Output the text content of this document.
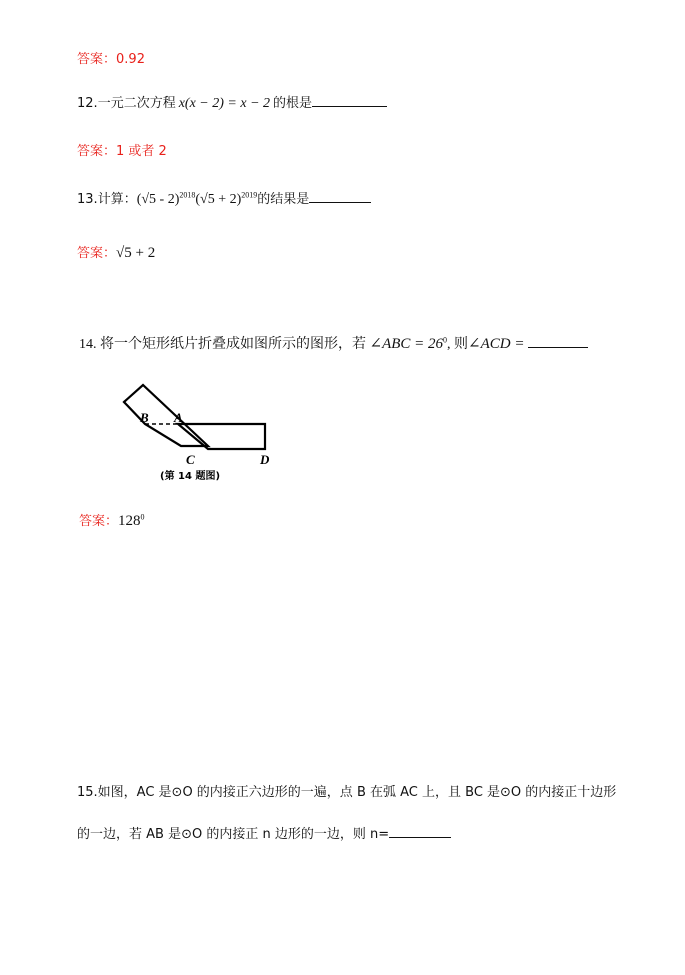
答案：0.92
12.一元二次方程 x(x − 2) = x − 2 的根是
答案：1 或者 2
13.计算：$(√5 - 2)^{2018}(√5 + 2)^{2019}$的结果是
答案：√5 + 2
14. 将一个矩形纸片折叠成如图所示的图形，若 ∠ABC = $26^0$, 则∠ACD =
B A
C	D
(第 14 题图)
答案：$128^0$
15.如图，AC 是⊙O 的内接正六边形的一遍，点 B 在弧 AC 上，且 BC 是⊙O 的内接正十边形
的一边，若 AB 是⊙O 的内接正 n 边形的一边，则 n=
